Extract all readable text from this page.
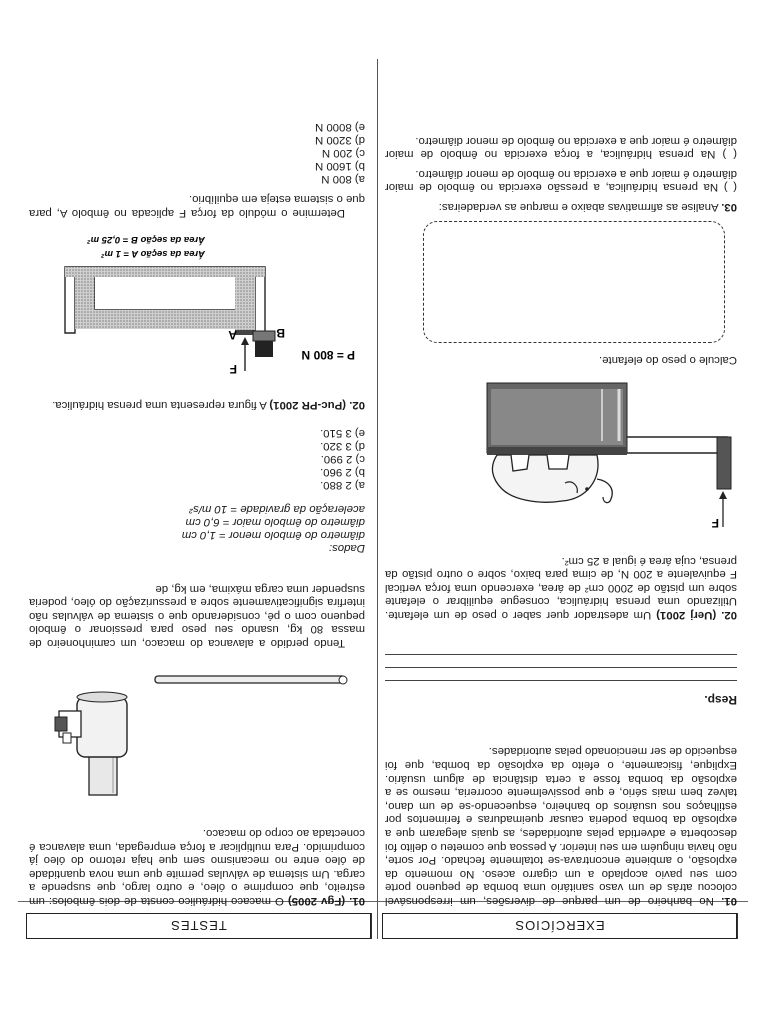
EXERCÍCIOS

01. No banheiro de um parque de diversões, um irresponsável colocou atrás de um vaso sanitário uma bomba de pequeno porte com seu pavio acoplado a um cigarro aceso. No momento da explosão, o ambiente encontrava-se totalmente fechado. Por sorte, não havia ninguém em seu interior. A pessoa que cometeu o delito foi descoberta e advertida pelas autoridades, as quais alegaram que a explosão da bomba poderia causar queimaduras e ferimentos por estilhaços nos usuários do banheiro, esquecendo-se de um dano, talvez bem mais sério, e que possivelmente ocorreria, mesmo se a explosão da bomba fosse a certa distância de algum usuário. Explique, fisicamente, o efeito da explosão da bomba, que foi esquecido de ser mencionado pelas autoridades.

Resp.

02. (Uerj 2001) Um adestrador quer saber o peso de um elefante. Utilizando uma prensa hidráulica, consegue equilibrar o elefante sobre um pistão de 2000 cm² de área, exercendo uma força vertical F equivalente a 200 N, de cima para baixo, sobre o outro pistão da prensa, cuja área é igual a 25 cm².

F

Calcule o peso do elefante.

03. Analise as afirmativas abaixo e marque as verdadeiras:

( ) Na prensa hidráulica, a pressão exercida no êmbolo de maior diâmetro é maior que a exercida no êmbolo de menor diâmetro.

( ) Na prensa hidráulica, a força exercida no êmbolo de maior diâmetro é maior que a exercida no êmbolo de menor diâmetro.

TESTES

01. (Fgv 2005) O macaco hidráulico consta de dois êmbolos: um estreito, que comprime o óleo, e outro largo, que suspende a carga. Um sistema de válvulas permite que uma nova quantidade de óleo entre no mecanismo sem que haja retorno do óleo já comprimido. Para multiplicar a força empregada, uma alavanca é conectada ao corpo do macaco.

Tendo perdido a alavanca do macaco, um caminhoneiro de massa 80 kg, usando seu peso para pressionar o êmbolo pequeno com o pé, considerando que o sistema de válvulas não interfira significativamente sobre a pressurização do óleo, poderia suspender uma carga máxima, em kg, de

Dados:

diâmetro do êmbolo menor = 1,0 cm

diâmetro do êmbolo maior = 6,0 cm

aceleração da gravidade = 10 m/s²

a) 2 880.

b) 2 960.

c) 2 990.

d) 3 320.

e) 3 510.

02. (Puc-PR 2001) A figura representa uma prensa hidráulica.

F
A	B
P = 800 N
Área da seção A = 1 m²
Área da seção B = 0,25 m²

Determine o módulo da força F aplicada no êmbolo A, para que o sistema esteja em equilíbrio.

a) 800 N

b) 1600 N

c) 200 N

d) 3200 N

e) 8000 N
